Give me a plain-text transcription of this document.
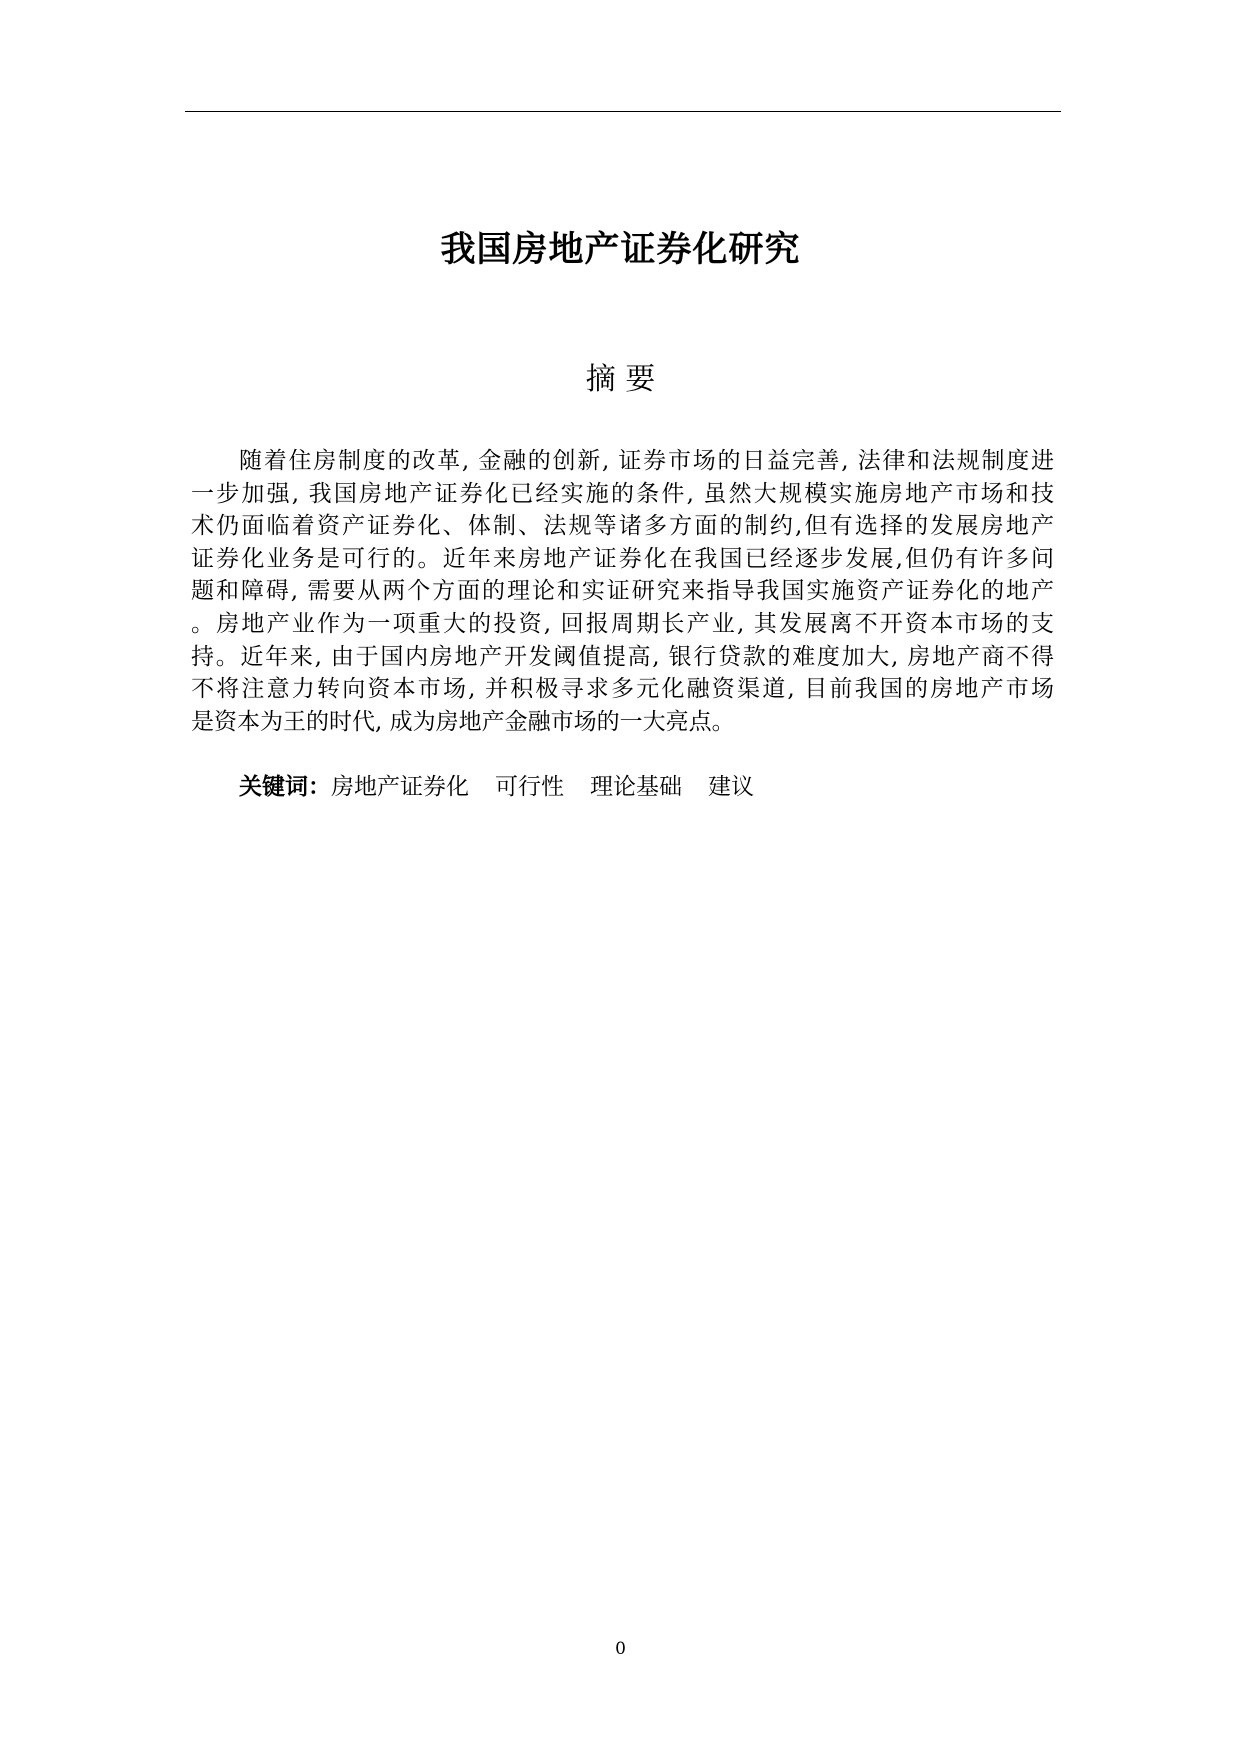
我国房地产证券化研究
摘 要
随着住房制度的改革, 金融的创新, 证券市场的日益完善, 法律和法规制度进
一步加强, 我国房地产证券化已经实施的条件, 虽然大规模实施房地产市场和技
术仍面临着资产证券化、体制、法规等诸多方面的制约,但有选择的发展房地产
证券化业务是可行的。近年来房地产证券化在我国已经逐步发展,但仍有许多问
题和障碍, 需要从两个方面的理论和实证研究来指导我国实施资产证券化的地产
。房地产业作为一项重大的投资, 回报周期长产业, 其发展离不开资本市场的支
持。近年来, 由于国内房地产开发阈值提高, 银行贷款的难度加大, 房地产商不得
不将注意力转向资本市场, 并积极寻求多元化融资渠道, 目前我国的房地产市场
是资本为王的时代, 成为房地产金融市场的一大亮点。
关键词：房地产证券化 可行性 理论基础 建议
0
